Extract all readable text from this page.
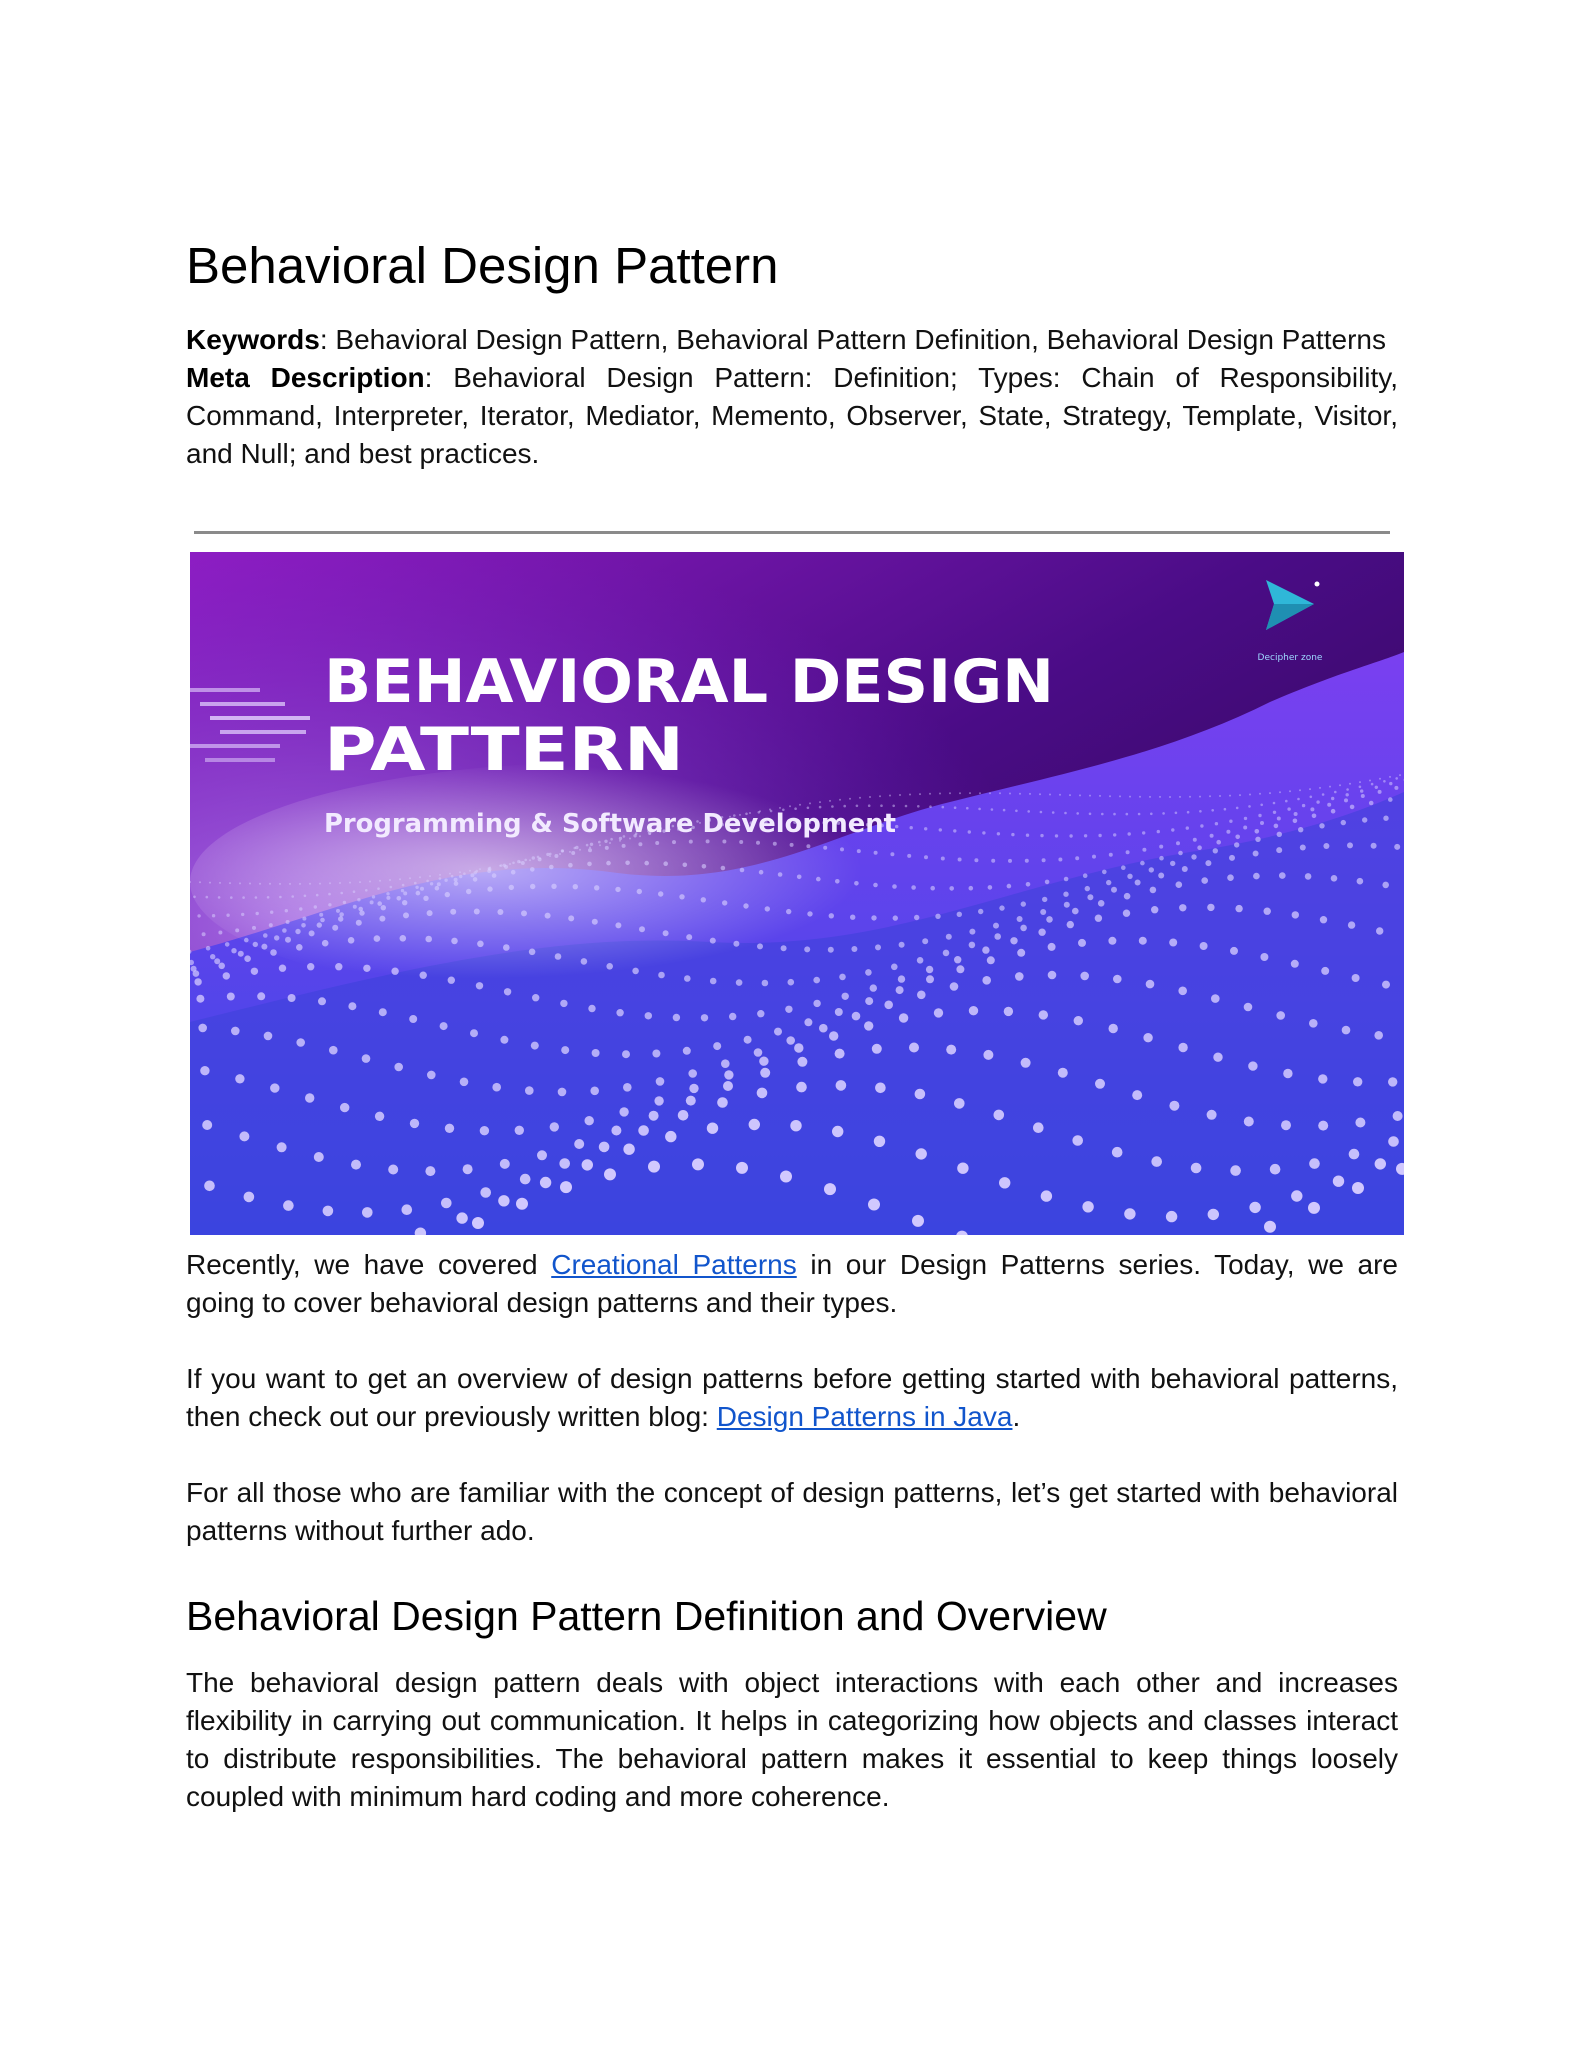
Behavioral Design Pattern

Keywords: Behavioral Design Pattern, Behavioral Pattern Definition, Behavioral Design Patterns

Meta Description: Behavioral Design Pattern: Definition; Types: Chain of Responsibility, Command, Interpreter, Iterator, Mediator, Memento, Observer, State, Strategy, Template, Visitor, and Null; and best practices.

BEHAVIORAL DESIGN
PATTERN
Programming & Software Development
Decipher zone

Recently, we have covered Creational Patterns in our Design Patterns series. Today, we are going to cover behavioral design patterns and their types.

If you want to get an overview of design patterns before getting started with behavioral patterns, then check out our previously written blog: Design Patterns in Java.

For all those who are familiar with the concept of design patterns, let’s get started with behavioral patterns without further ado.

Behavioral Design Pattern Definition and Overview

The behavioral design pattern deals with object interactions with each other and increases flexibility in carrying out communication. It helps in categorizing how objects and classes interact to distribute responsibilities. The behavioral pattern makes it essential to keep things loosely coupled with minimum hard coding and more coherence.
